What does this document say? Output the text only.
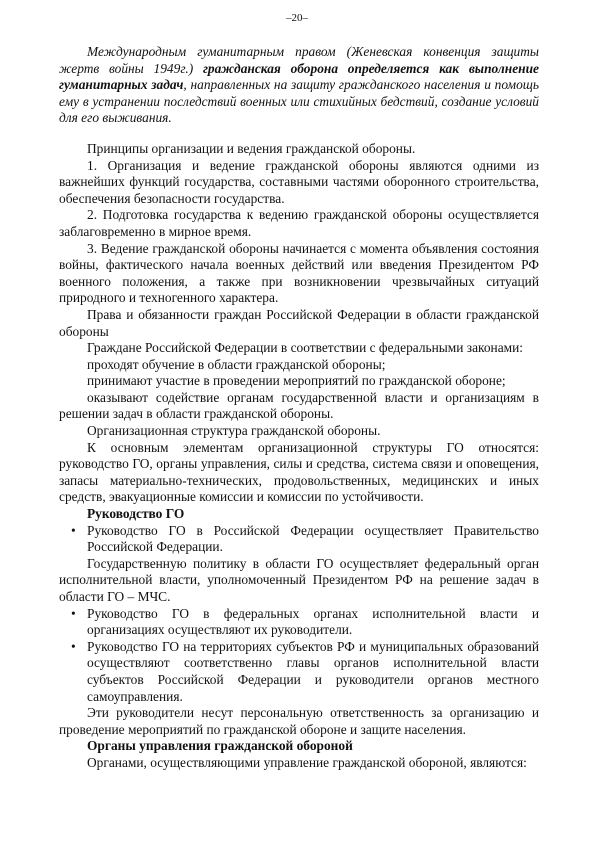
–20–

Международным гуманитарным правом (Женевская конвенция защиты жертв войны 1949г.) гражданская оборона определяется как выполнение гуманитарных задач, направленных на защиту гражданского населения и помощь ему в устранении последствий военных или стихийных бедствий, создание условий для его выживания.

Принципы организации и ведения гражданской обороны.

1. Организация и ведение гражданской обороны являются одними из важнейших функций государства, составными частями оборонного строительства, обеспечения безопасности государства.

2. Подготовка государства к ведению гражданской обороны осуществляется заблаговременно в мирное время.

3. Ведение гражданской обороны начинается с момента объявления состояния войны, фактического начала военных действий или введения Президентом РФ военного положения, а также при возникновении чрезвычайных ситуаций природного и техногенного характера.

Права и обязанности граждан Российской Федерации в области гражданской обороны

Граждане Российской Федерации в соответствии с федеральными законами:

проходят обучение в области гражданской обороны;

принимают участие в проведении мероприятий по гражданской обороне;

оказывают содействие органам государственной власти и организациям в решении задач в области гражданской обороны.

Организационная структура гражданской обороны.

К основным элементам организационной структуры ГО относятся: руководство ГО, органы управления, силы и средства, система связи и оповещения, запасы материально-технических, продовольственных, медицинских и иных средств, эвакуационные комиссии и комиссии по устойчивости.

Руководство ГО

• Руководство ГО в Российской Федерации осуществляет Правительство Российской Федерации.

Государственную политику в области ГО осуществляет федеральный орган исполнительной власти, уполномоченный Президентом РФ на решение задач в области ГО – МЧС.

• Руководство ГО в федеральных органах исполнительной власти и организациях осуществляют их руководители.
• Руководство ГО на территориях субъектов РФ и муниципальных образований осуществляют соответственно главы органов исполнительной власти субъектов Российской Федерации и руководители органов местного самоуправления.

Эти руководители несут персональную ответственность за организацию и проведение мероприятий по гражданской обороне и защите населения.

Органы управления гражданской обороной

Органами, осуществляющими управление гражданской обороной, являются:
